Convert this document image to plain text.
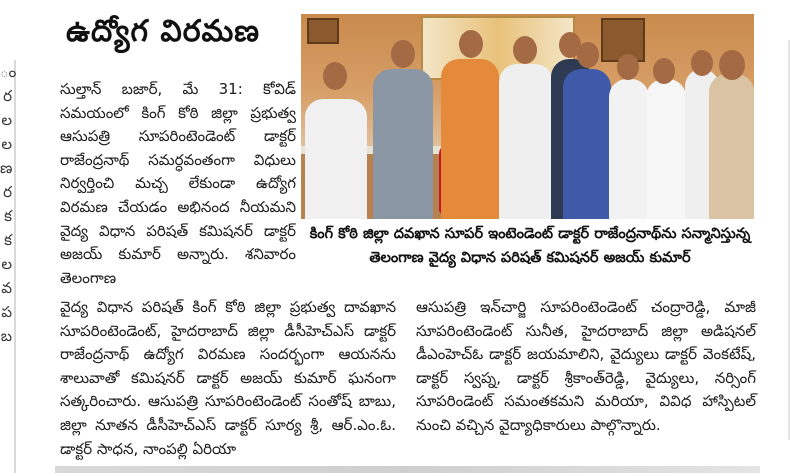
ం
ర
ల
ల
ణ
ర
క
క
ల
వ
ప
బ
ఉద్యోగ విరమణ
కింగ్ కోఠి జిల్లా దవఖాన సూపర్ ఇంటెండెంట్ డాక్టర్ రాజేంద్రనాథ్‌ను సన్మానిస్తున్న తెలంగాణ వైద్య విధాన పరిషత్ కమిషనర్ అజయ్ కుమార్

సుల్తాన్ బజార్, మే 31: కోవిడ్ సమయంలో కింగ్ కోఠి జిల్లా ప్రభుత్వ ఆసుపత్రి సూపరింటెండెంట్ డాక్టర్ రాజేంద్రనాథ్ సమర్ధవంతంగా విధులు నిర్వర్తించి మచ్చ లేకుండా ఉద్యోగ విరమణ చేయడం అభినంద నీయమని వైద్య విధాన పరిషత్ కమిషనర్ డాక్టర్ అజయ్ కుమార్ అన్నారు. శనివారం తెలంగాణ

వైద్య విధాన పరిషత్ కింగ్ కోఠి జిల్లా ప్రభుత్వ దావఖాన సూపరింటెండెంట్, హైదరాబాద్ జిల్లా డీసీహెచ్ఎస్ డాక్టర్ రాజేంద్రనాథ్ ఉద్యోగ విరమణ సందర్భంగా ఆయనను శాలువాతో కమిషనర్ డాక్టర్ అజయ్ కుమార్ ఘనంగా సత్కరించారు. ఆసుపత్రి సూపరింటెండెంట్ సంతోష్ బాబు, జిల్లా నూతన డీసీహెచ్ఎస్ డాక్టర్ సూర్య శ్రీ, ఆర్.ఎం.ఓ. డాక్టర్ సాధన, నాంపల్లి ఏరియా

ఆసుపత్రి ఇన్‌చార్జి సూపరింటెండెంట్ చంద్రారెడ్డి, మాజీ సూపరింటెండెంట్ సునీత, హైదరాబాద్ జిల్లా అడిషనల్ డీఎంహెచ్ఓ డాక్టర్ జయమాలిని, వైద్యులు డాక్టర్ వెంకటేష్, డాక్టర్ స్వప్న, డాక్టర్ శ్రీకాంత్‌రెడ్డి, వైద్యులు, నర్సింగ్ సూపరిండెంట్ సమంతకమని మరియా, వివిధ హాస్పిటల్ నుంచి వచ్చిన వైద్యాధికారులు పాల్గొన్నారు.
